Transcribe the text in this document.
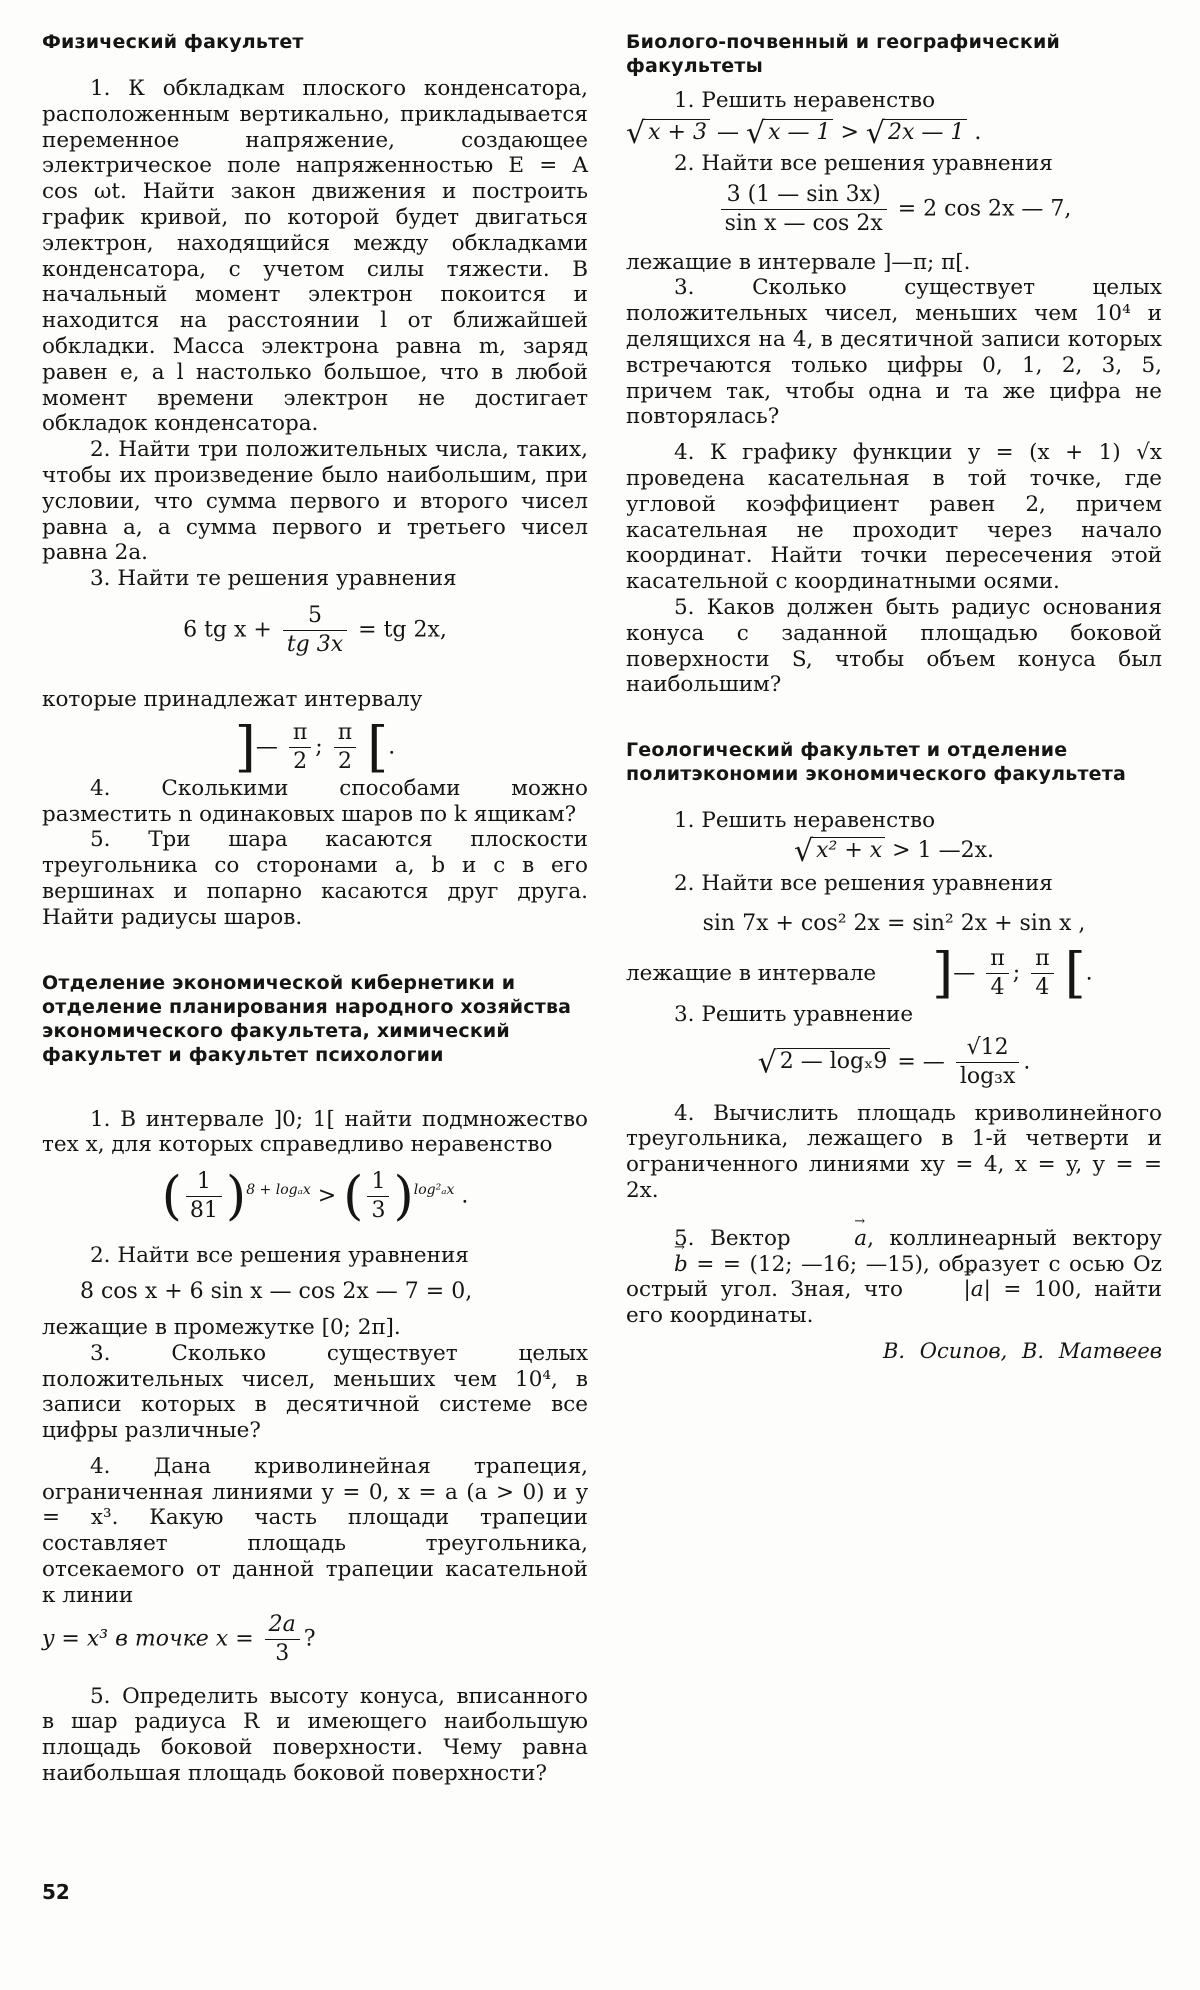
Физический факультет

1. К обкладкам плоского конденсатора, расположенным вертикально, прикладывается переменное напряжение, создающее электрическое поле напряженностью E = A cos ωt. Найти закон движения и построить график кривой, по которой будет двигаться электрон, находящийся между обкладками конденсатора, с учетом силы тяжести. В начальный момент электрон покоится и находится на расстоянии l от ближайшей обкладки. Масса электрона равна m, заряд равен e, а l настолько большое, что в любой момент времени электрон не достигает обкладок конденсатора.

2. Найти три положительных числа, таких, чтобы их произведение было наибольшим, при условии, что сумма первого и второго чисел равна a, а сумма первого и третьего чисел равна 2a.

3. Найти те решения уравнения

6 tg $x + \frac{5}{tg 3x}$ = tg 2x,

которые принадлежат интервалу

]— $\frac{\pi}{2}$ ; $\frac{\pi}{2}$ [.

4. Сколькими способами можно разместить n одинаковых шаров по k ящикам?

5. Три шара касаются плоскости треугольника со сторонами a, b и c в его вершинах и попарно касаются друг друга. Найти радиусы шаров.

Отделение экономической кибернетики и отделение планирования народного хозяйства экономического факультета, химический факультет и факультет психологии

1. В интервале ]0; 1[ найти подмножество тех x, для которых справедливо неравенство

( $\frac{1}{81} )^{8 + log_ax}$ > ( $\frac{1}{3} )^{log^2_ax}$ .

2. Найти все решения уравнения

8 cos x + 6 sin x — cos 2x — 7 = 0,

лежащие в промежутке [0; 2π].

3. Сколько существует целых положительных чисел, меньших чем 10⁴, в записи которых в десятичной системе все цифры различные?

4. Дана криволинейная трапеция, ограниченная линиями y = 0, x = a (a > 0) и y = x³. Какую часть площади трапеции составляет площадь треугольника, отсекаемого от данной трапеции касательной к линии

y = x³ в точке $x = \frac{2a}{3}$ ?

5. Определить высоту конуса, вписанного в шар радиуса R и имеющего наибольшую площадь боковой поверхности. Чему равна наибольшая площадь боковой поверхности?

Биолого-почвенный и географический факультеты

1. Решить неравенство

√ x + 3 — √ x — 1 > √ 2x — 1 .

2. Найти все решения уравнения

$\frac{3 (1 — \sin 3x)}{\text{sin x — cos 2x}} = 2$ cos 2x — 7,

лежащие в интервале ]—π; π[.

3. Сколько существует целых положительных чисел, меньших чем 10⁴ и делящихся на 4, в десятичной записи которых встречаются только цифры 0, 1, 2, 3, 5, причем так, чтобы одна и та же цифра не повторялась?

4. К графику функции y = (x + 1) √x проведена касательная в той точке, где угловой коэффициент равен 2, причем касательная не проходит через начало координат. Найти точки пересечения этой касательной с координатными осями.

5. Каков должен быть радиус основания конуса с заданной площадью боковой поверхности S, чтобы объем конуса был наибольшим?

Геологический факультет и отделение политэкономии экономического факультета

1. Решить неравенство

√ x² + x > 1 —2x.

2. Найти все решения уравнения

sin 7x + cos² 2x = sin² 2x + sin x ,
лежащие в интервале ]— $\frac{\pi}{4}$ ; $\frac{\pi}{4}$ [.

3. Решить уравнение

√ 2 — logₓ9 = — $\frac{√12}{\text{log₃x}}$ .

4. Вычислить площадь криволинейного треугольника, лежащего в 1-й четверти и ограниченного линиями xy = 4, x = y, y = = 2x.

5. Вектор	→ a, коллинеарный вектору → b = = (12; —16; —15), образует с осью Oz острый угол. Зная, что	→ |a| = 100, найти его координаты.

В. Осипов, В. Матвеев
52
